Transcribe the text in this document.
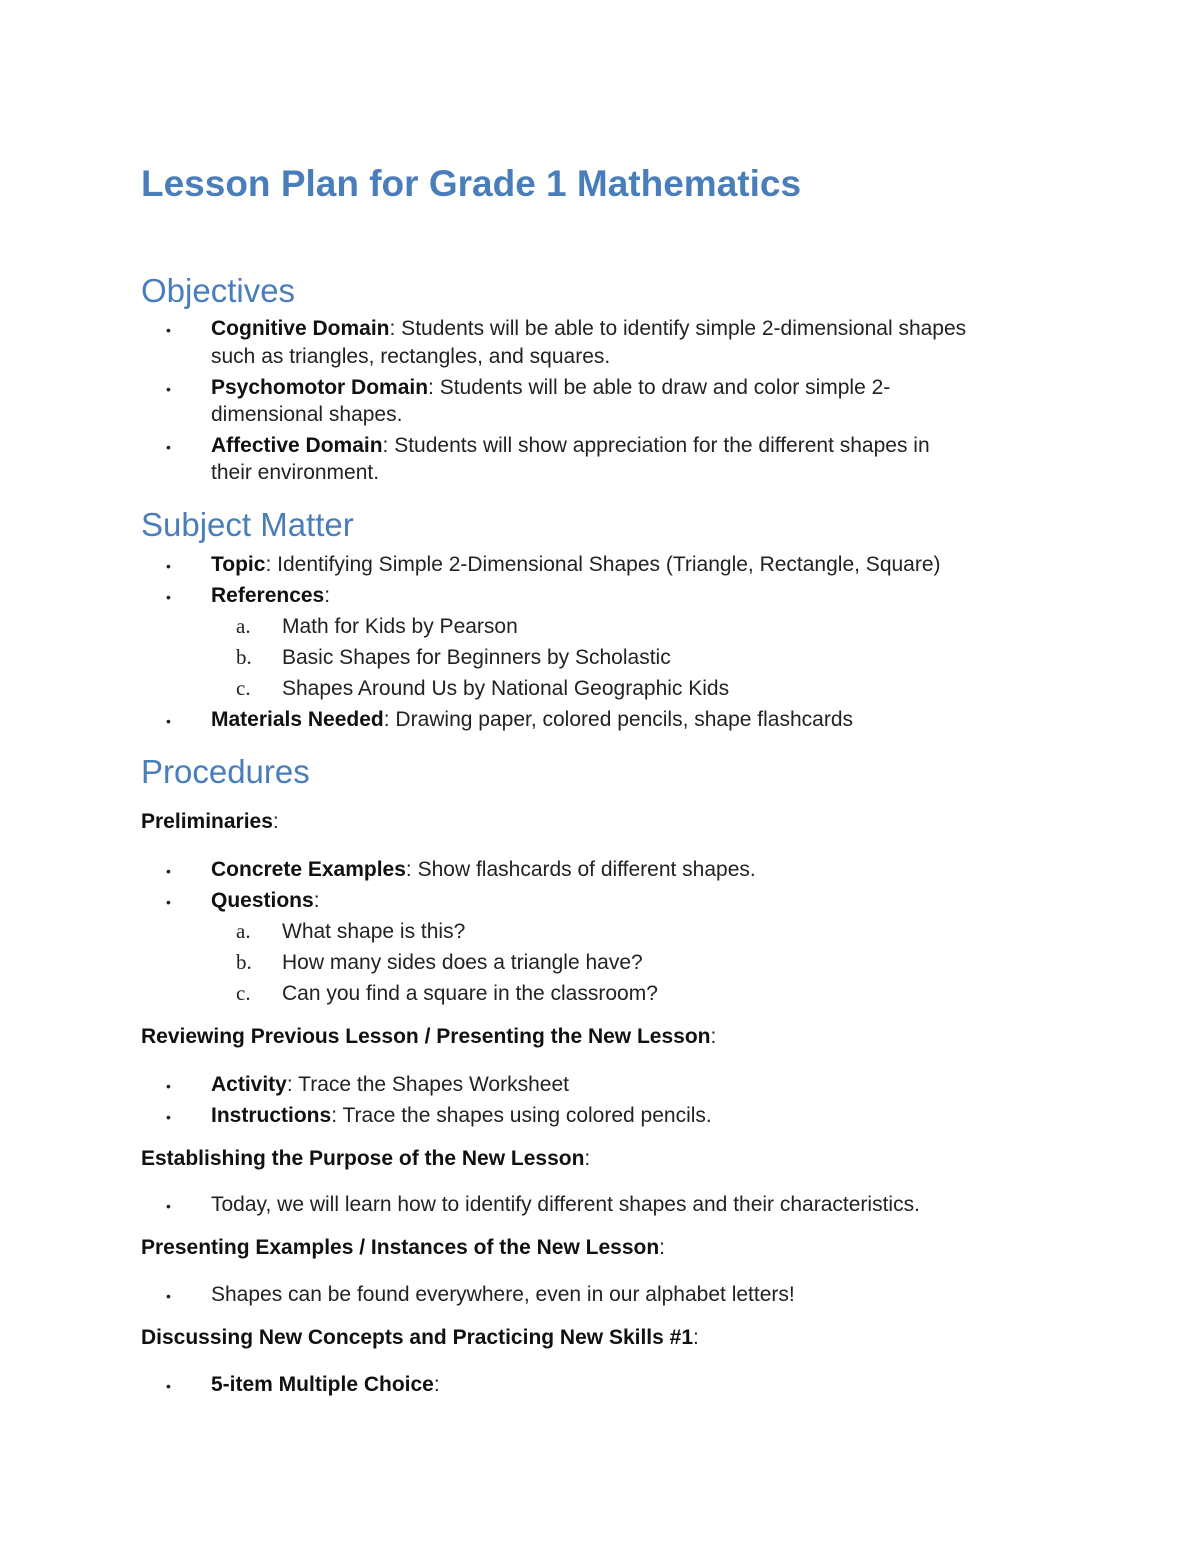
Lesson Plan for Grade 1 Mathematics
Objectives
• Cognitive Domain: Students will be able to identify simple 2-dimensional shapes
such as triangles, rectangles, and squares.
• Psychomotor Domain: Students will be able to draw and color simple 2-
dimensional shapes.
• Affective Domain: Students will show appreciation for the different shapes in
their environment.
Subject Matter
• Topic: Identifying Simple 2-Dimensional Shapes (Triangle, Rectangle, Square)
• References:
a. Math for Kids by Pearson
b. Basic Shapes for Beginners by Scholastic
c. Shapes Around Us by National Geographic Kids
• Materials Needed: Drawing paper, colored pencils, shape flashcards
Procedures
Preliminaries:
• Concrete Examples: Show flashcards of different shapes.
• Questions:
a. What shape is this?
b. How many sides does a triangle have?
c. Can you find a square in the classroom?
Reviewing Previous Lesson / Presenting the New Lesson:
• Activity: Trace the Shapes Worksheet
• Instructions: Trace the shapes using colored pencils.
Establishing the Purpose of the New Lesson:
• Today, we will learn how to identify different shapes and their characteristics.
Presenting Examples / Instances of the New Lesson:
• Shapes can be found everywhere, even in our alphabet letters!
Discussing New Concepts and Practicing New Skills #1:
• 5-item Multiple Choice:
